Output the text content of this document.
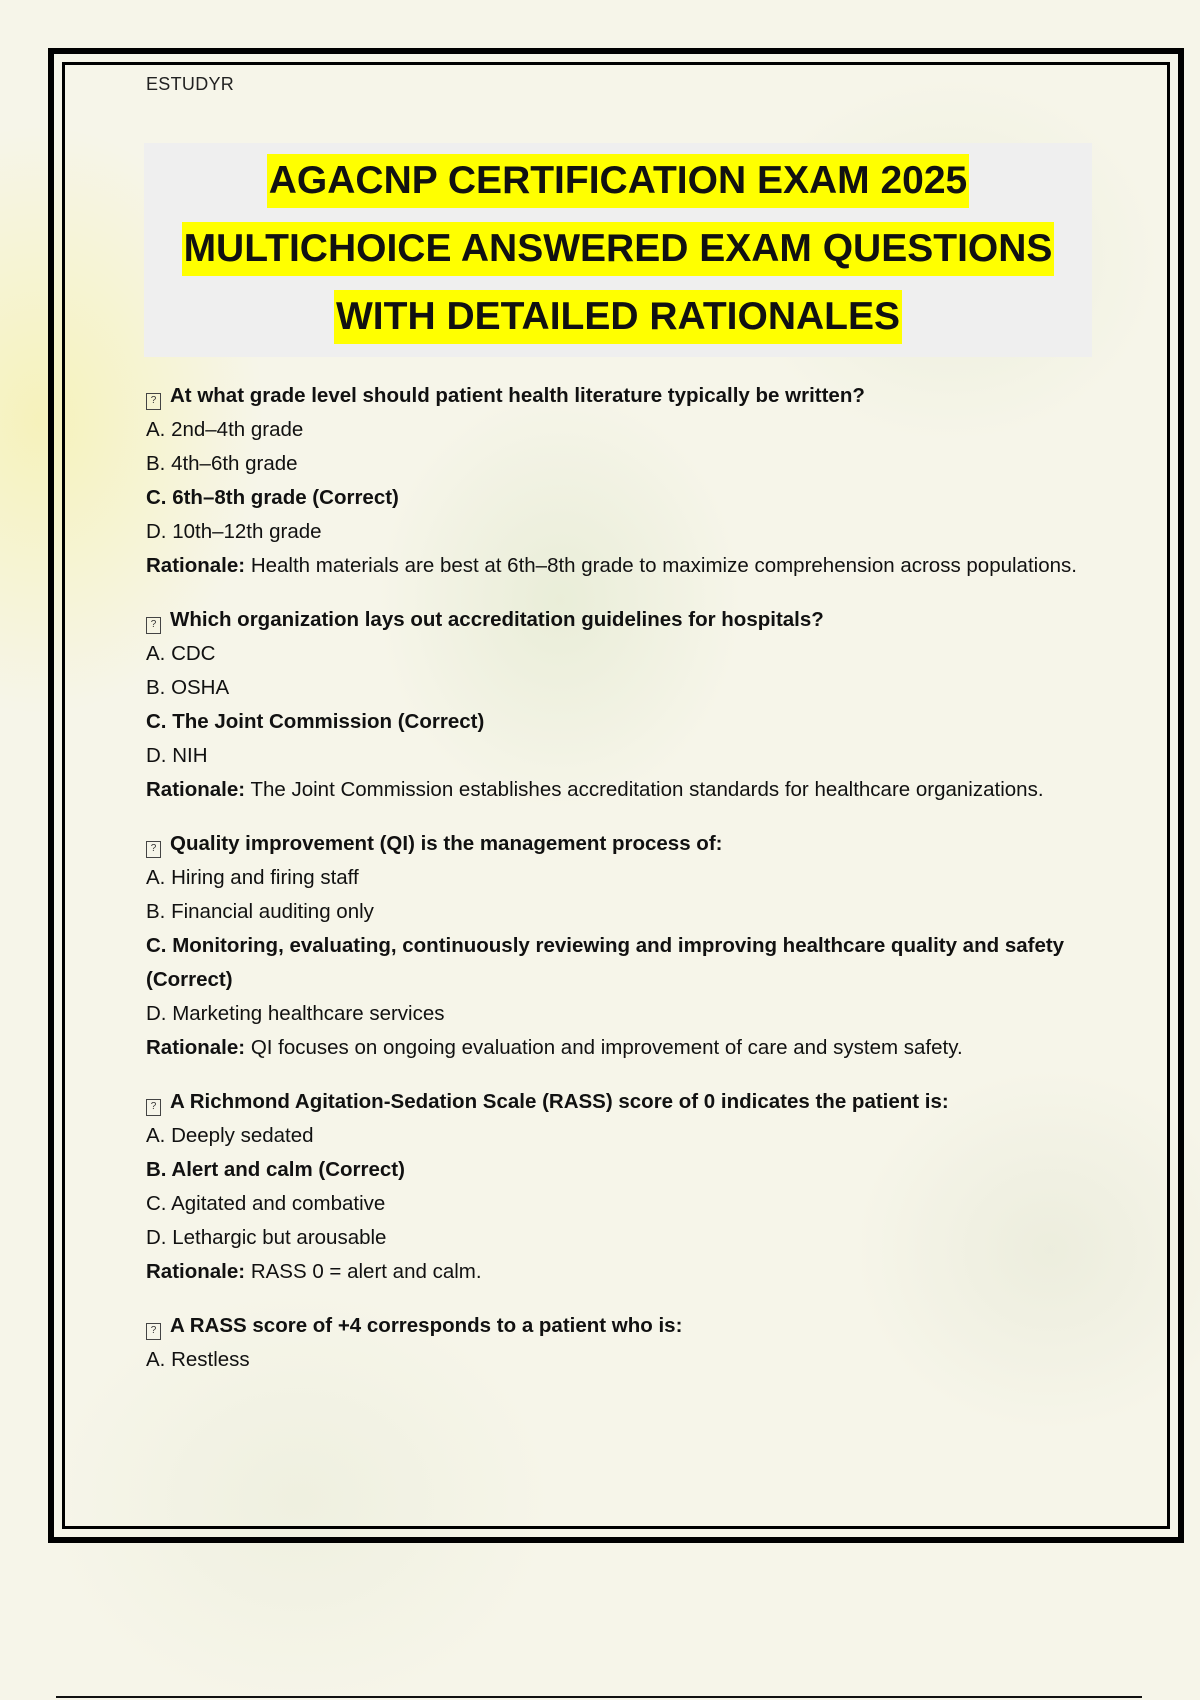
ESTUDYR
AGACNP CERTIFICATION EXAM 2025
MULTICHOICE ANSWERED EXAM QUESTIONS
WITH DETAILED RATIONALES
? At what grade level should patient health literature typically be written?
A. 2nd–4th grade
B. 4th–6th grade
C. 6th–8th grade (Correct)
D. 10th–12th grade
Rationale: Health materials are best at 6th–8th grade to maximize comprehension across populations.
? Which organization lays out accreditation guidelines for hospitals?
A. CDC
B. OSHA
C. The Joint Commission (Correct)
D. NIH
Rationale: The Joint Commission establishes accreditation standards for healthcare organizations.
? Quality improvement (QI) is the management process of:
A. Hiring and firing staff
B. Financial auditing only
C. Monitoring, evaluating, continuously reviewing and improving healthcare quality and safety (Correct)
D. Marketing healthcare services
Rationale: QI focuses on ongoing evaluation and improvement of care and system safety.
? A Richmond Agitation-Sedation Scale (RASS) score of 0 indicates the patient is:
A. Deeply sedated
B. Alert and calm (Correct)
C. Agitated and combative
D. Lethargic but arousable
Rationale: RASS 0 = alert and calm.
? A RASS score of +4 corresponds to a patient who is:
A. Restless
